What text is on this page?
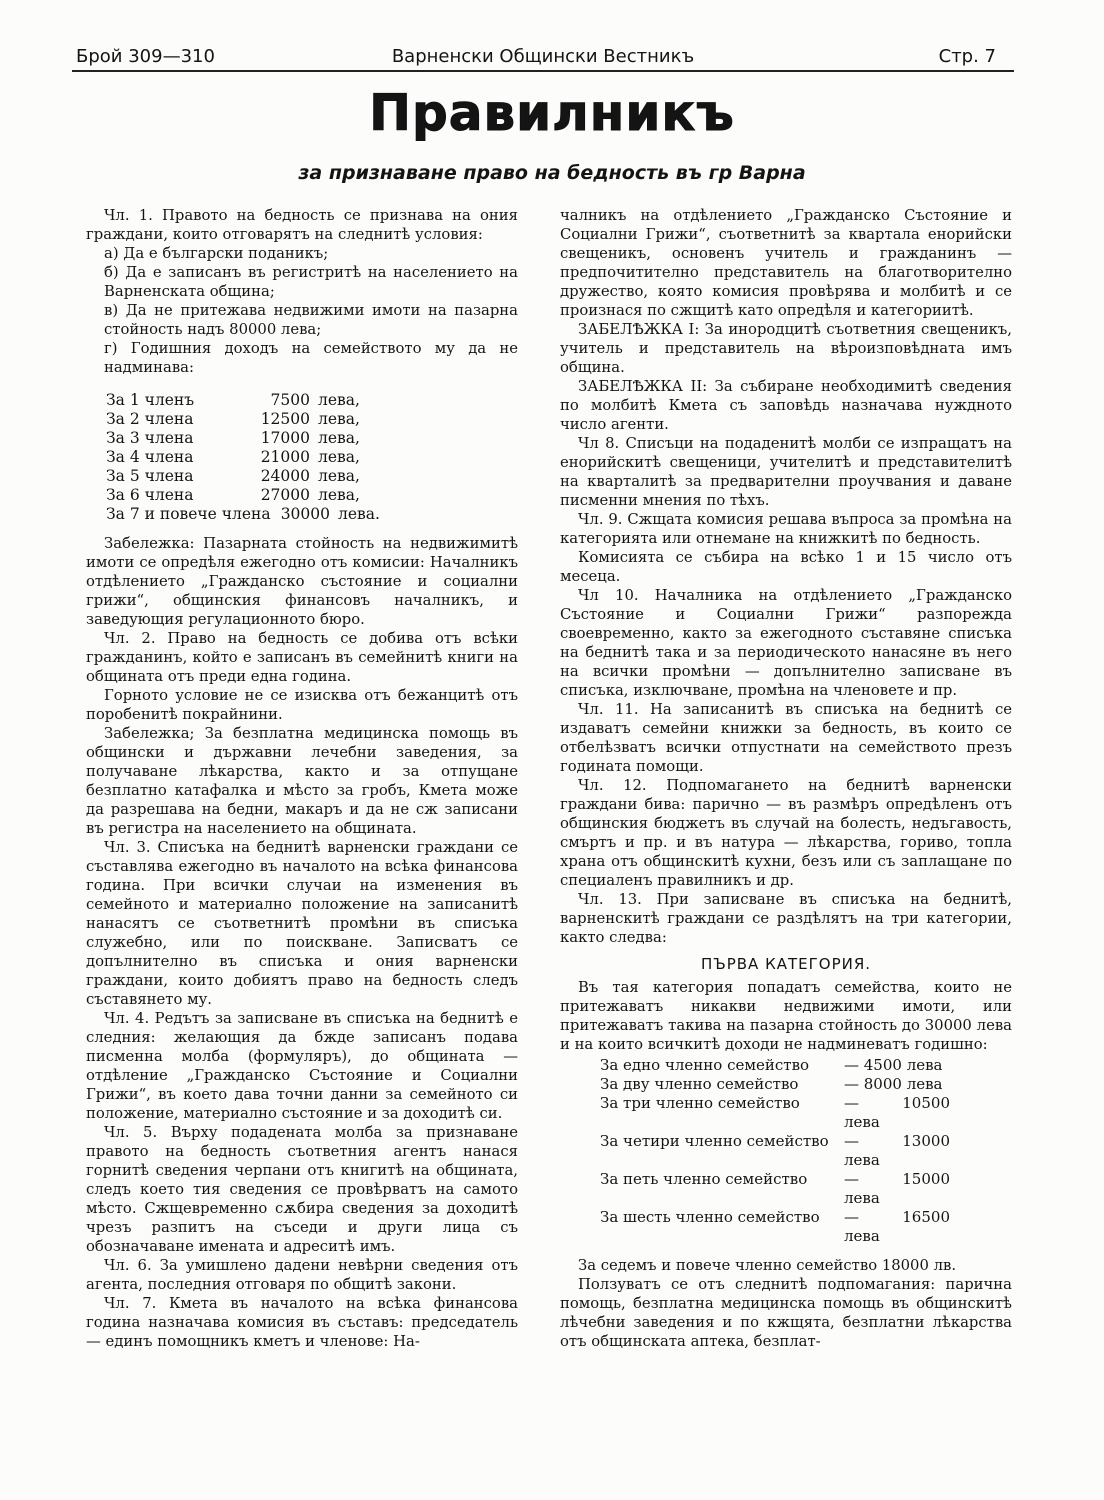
Брой 309—310	Варненски Общински Вестникъ	Стр. 7
Правилникъ
за признаване право на бедность въ гр Варна

Чл. 1. Правото на бедность се признава на ония граждани, които отговарятъ на следнитѣ условия:

а) Да е български поданикъ;

б) Да е записанъ въ регистритѣ на населението на Варненската община;

в) Да не притежава недвижими имоти на пазарна стойность надъ 80000 лева;

г) Годишния доходъ на семейството му да не надминава:

За 1 членъ	7500 лева,
За 2 члена	12500 лева,
За 3 члена	17000 лева,
За 4 члена	21000 лева,
За 5 члена	24000 лева,
За 6 члена	27000 лева,
За 7 и повече члена 30000 лева.

Забележка: Пазарната стойность на недвижимитѣ имоти се опредѣля ежегодно отъ комисии: Началникъ отдѣлението „Гражданско състояние и социални грижи“, общинския финансовъ началникъ, и заведующия регулационното бюро.

Чл. 2. Право на бедность се добива отъ всѣки гражданинъ, който е записанъ въ семейнитѣ книги на общината отъ преди една година.

Горното условие не се изисква отъ бежанцитѣ отъ поробенитѣ покрайнини.

Забележка; За безплатна медицинска помощь въ общински и държавни лечебни заведения, за получаване лѣкарства, както и за отпущане безплатно катафалка и мѣсто за гробъ, Кмета може да разрешава на бедни, макаръ и да не сж записани въ регистра на населението на общината.

Чл. 3. Списъка на беднитѣ варненски граждани се съставлява ежегодно въ началото на всѣка финансова година. При всички случаи на изменения въ семейното и материално положение на записанитѣ нанасятъ се съответнитѣ промѣни въ списъка служебно, или по поискване. Записватъ се допълнително въ списъка и ония варненски граждани, които добиятъ право на бедность следъ съставянето му.

Чл. 4. Редътъ за записване въ списъка на беднитѣ е следния: желающия да бжде записанъ подава писменна молба (формуляръ), до общината — отдѣление „Гражданско Състояние и Социални Грижи“, въ което дава точни данни за семейното си положение, материално състояние и за доходитѣ си.

Чл. 5. Върху подадената молба за признаване правото на бедность съответния агентъ нанася горнитѣ сведения черпани отъ книгитѣ на общината, следъ което тия сведения се провѣрватъ на самото мѣсто. Сжщевременно сѫбира сведения за доходитѣ чрезъ разпитъ на съседи и други лица съ обозначаване имената и адреситѣ имъ.

Чл. 6. За умишлено дадени невѣрни сведения отъ агента, последния отговаря по общитѣ закони.

Чл. 7. Кмета въ началото на всѣка финансова година назначава комисия въ съставъ: председатель — единъ помощникъ кметъ и членове: На-

чалникъ на отдѣлението „Гражданско Състояние и Социални Грижи“, съответнитѣ за квартала енорийски свещеникъ, основенъ учитель и гражданинъ — предпочитително представитель на благотворително дружество, която комисия провѣрява и молбитѣ и се произнася по сжщитѣ като опредѣля и категориитѣ.

ЗАБЕЛѢЖКА I: За инородцитѣ съответния свещеникъ, учитель и представитель на вѣроизповѣдната имъ община.

ЗАБЕЛѢЖКА II: За събиране необходимитѣ сведения по молбитѣ Кмета съ заповѣдь назначава нуждното число агенти.

Чл 8. Списъци на подаденитѣ молби се изпращатъ на енорийскитѣ свещеници, учителитѣ и представителитѣ на кварталитѣ за предварителни проучвания и даване писменни мнения по тѣхъ.

Чл. 9. Сжщата комисия решава въпроса за промѣна на категорията или отнемане на книжкитѣ по бедность.

Комисията се събира на всѣко 1 и 15 число отъ месеца.

Чл 10. Началника на отдѣлението „Гражданско Състояние и Социални Грижи“ разпорежда своевременно, както за ежегодното съставяне списъка на беднитѣ така и за периодическото нанасяне въ него на всички промѣни — допълнително записване въ списъка, изключване, промѣна на членовете и пр.

Чл. 11. На записанитѣ въ списъка на беднитѣ се издаватъ семейни книжки за бедность, въ които се отбелѣзватъ всички отпустнати на семейството презъ годината помощи.

Чл. 12. Подпомагането на беднитѣ варненски граждани бива: парично — въ размѣръ опредѣленъ отъ общинския бюджетъ въ случай на болесть, недъгавость, смъртъ и пр. и въ натура — лѣкарства, гориво, топла храна отъ общинскитѣ кухни, безъ или съ заплащане по специаленъ правилникъ и др.

Чл. 13. При записване въ списъка на беднитѣ, варненскитѣ граждани се раздѣлятъ на три категории, както следва:

ПЪРВА КАТЕГОРИЯ.

Въ тая категория попадатъ семейства, които не притежаватъ никакви недвижими имоти, или притежаватъ такива на пазарна стойность до 30000 лева и на които всичкитѣ доходи не надминеватъ годишно:

За едно членно семейство	— 4500 лева
За дву членно семейство	— 8000 лева
За три членно семейство	— 10500 лева
За четири членно семейство	— 13000 лева
За петь членно семейство	— 15000 лева
За шесть членно семейство	— 16500 лева

За седемъ и повече членно семейство 18000 лв.

Ползуватъ се отъ следнитѣ подпомагания: парична помощь, безплатна медицинска помощь въ общинскитѣ лѣчебни заведения и по кжщята, безплатни лѣкарства отъ общинската аптека, безплат-
